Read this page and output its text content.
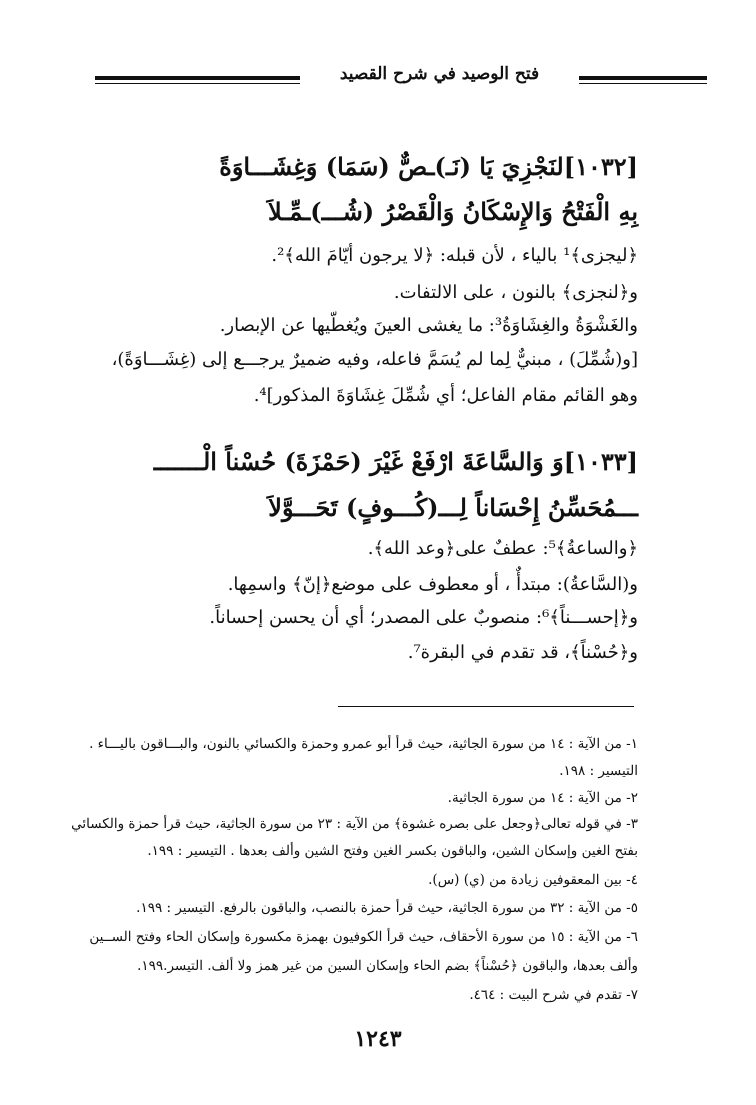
فتح الوصيد في شرح القصيد
[١٠٣٢]لنَجْزِيَ يَا (نَـ)ـصٌّ (سَمَا) وَغِشَـــاوَةً
بِهِ الْفَتْحُ وَالإِسْكَانُ وَالْقَصْرُ (شُـــ)ـمِّـلاَ
﴿ليجزى﴾¹ بالياء ، لأن قبله: ﴿لا يرجون أيّامَ الله﴾².
و﴿لنجزى﴾ بالنون ، على الالتفات.
والغَشْوَةُ والغِشَاوَةُ³: ما يغشى العينَ ويُغطّيها عن الإبصار.
[و(شُمِّلَ) ، مبنيٌّ لِما لم يُسَمَّ فاعله، وفيه ضميرٌ يرجـــع إلى (غِشَـــاوَةً)،
وهو القائم مقام الفاعل؛ أي شُمِّلَ غِشَاوَةَ المذكور]⁴.
[١٠٣٣]وَ وَالسَّاعَةَ ارْفَعْ غَيْرَ (حَمْزَةَ) حُسْناً الْـــــــ
ـــمُحَسِّنُ إِحْسَاناً لِـــ(كُـــوفٍ) تَحَـــوَّلاَ
﴿والساعةُ﴾⁵: عطفٌ على﴿وعد الله﴾.
و(السَّاعةُ): مبتدأٌ ، أو معطوف على موضع﴿إنّ﴾ واسمِها.
و﴿إحســـناً﴾⁶: منصوبٌ على المصدر؛ أي أن يحسن إحساناً.
و﴿حُسْناً﴾، قد تقدم في البقرة⁷.
١- من الآية : ١٤ من سورة الجاثية، حيث قرأ أبو عمرو وحمزة والكسائي بالنون، والبـــاقون باليـــاء .
التيسير : ١٩٨.
٢- من الآية : ١٤ من سورة الجاثية.
٣- في قوله تعالى﴿وجعل على بصره غشوة﴾ من الآية : ٢٣ من سورة الجاثية، حيث قرأ حمزة والكسائي
بفتح الغين وإسكان الشين، والباقون بكسر الغين وفتح الشين وألف بعدها . التيسير : ١٩٩.
٤- بين المعقوفين زيادة من (ي) (س).
٥- من الآية : ٣٢ من سورة الجاثية، حيث قرأ حمزة بالنصب، والباقون بالرفع. التيسير : ١٩٩.
٦- من الآية : ١٥ من سورة الأحقاف، حيث قرأ الكوفيون بهمزة مكسورة وإسكان الحاء وفتح الســين
وألف بعدها، والباقون ﴿حُسْناً﴾ بضم الحاء وإسكان السين من غير همز ولا ألف. التيسر.١٩٩.
٧- تقدم في شرح البيت : ٤٦٤.
١٢٤٣
